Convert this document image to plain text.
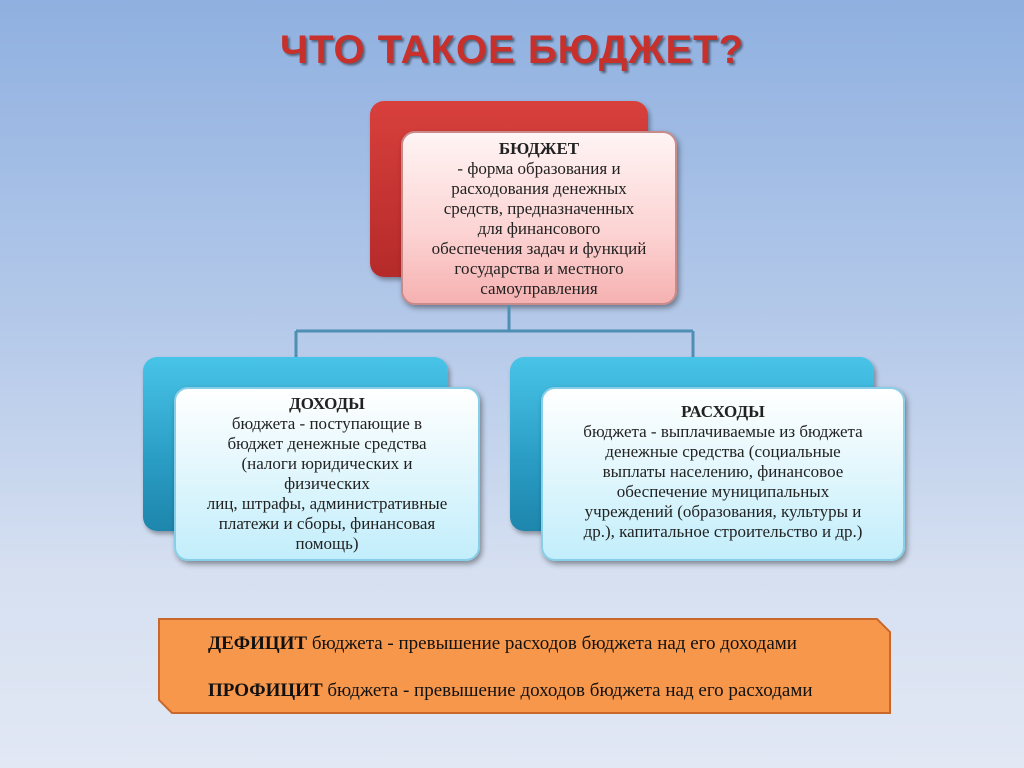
ЧТО ТАКОЕ БЮДЖЕТ?
БЮДЖЕТ
- форма образования и
расходования денежных
средств, предназначенных
для финансового
обеспечения задач и функций
государства и местного
самоуправления
ДОХОДЫ
бюджета - поступающие в
бюджет денежные средства
(налоги юридических и
физических
лиц, штрафы, административные
платежи и сборы, финансовая
помощь)
РАСХОДЫ
бюджета - выплачиваемые из бюджета
денежные средства (социальные
выплаты населению, финансовое
обеспечение муниципальных
учреждений (образования, культуры и
др.), капитальное строительство и др.)
ДЕФИЦИТ бюджета - превышение расходов бюджета над его доходами
ПРОФИЦИТ бюджета - превышение доходов бюджета над его расходами
